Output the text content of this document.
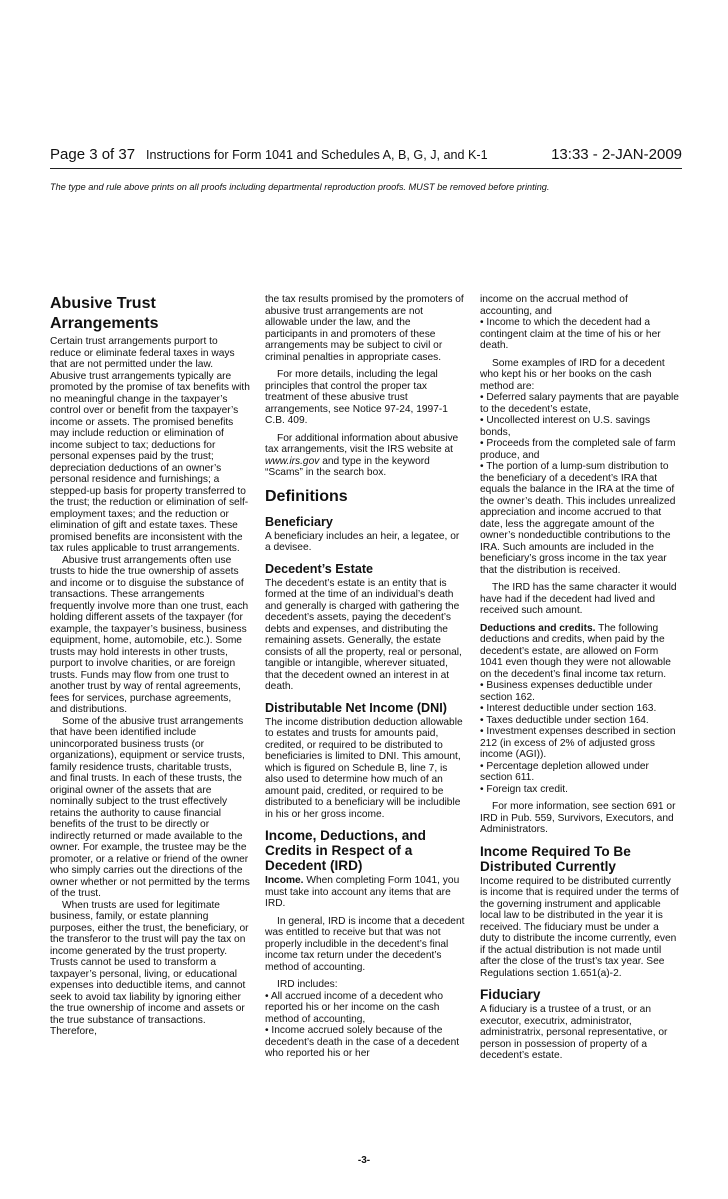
Page 3 of 37 Instructions for Form 1041 and Schedules A, B, G, J, and K-1	13:33 - 2-JAN-2009
The type and rule above prints on all proofs including departmental reproduction proofs. MUST be removed before printing.
Abusive Trust Arrangements

Certain trust arrangements purport to reduce or eliminate federal taxes in ways that are not permitted under the law. Abusive trust arrangements typically are promoted by the promise of tax benefits with no meaningful change in the taxpayer’s control over or benefit from the taxpayer’s income or assets. The promised benefits may include reduction or elimination of income subject to tax; deductions for personal expenses paid by the trust; depreciation deductions of an owner’s personal residence and furnishings; a stepped-up basis for property transferred to the trust; the reduction or elimination of self-employment taxes; and the reduction or elimination of gift and estate taxes. These promised benefits are inconsistent with the tax rules applicable to trust arrangements.

Abusive trust arrangements often use trusts to hide the true ownership of assets and income or to disguise the substance of transactions. These arrangements frequently involve more than one trust, each holding different assets of the taxpayer (for example, the taxpayer’s business, business equipment, home, automobile, etc.). Some trusts may hold interests in other trusts, purport to involve charities, or are foreign trusts. Funds may flow from one trust to another trust by way of rental agreements, fees for services, purchase agreements, and distributions.

Some of the abusive trust arrangements that have been identified include unincorporated business trusts (or organizations), equipment or service trusts, family residence trusts, charitable trusts, and final trusts. In each of these trusts, the original owner of the assets that are nominally subject to the trust effectively retains the authority to cause financial benefits of the trust to be directly or indirectly returned or made available to the owner. For example, the trustee may be the promoter, or a relative or friend of the owner who simply carries out the directions of the owner whether or not permitted by the terms of the trust.

When trusts are used for legitimate business, family, or estate planning purposes, either the trust, the beneficiary, or the transferor to the trust will pay the tax on income generated by the trust property. Trusts cannot be used to transform a taxpayer’s personal, living, or educational expenses into deductible items, and cannot seek to avoid tax liability by ignoring either the true ownership of income and assets or the true substance of transactions. Therefore,

the tax results promised by the promoters of abusive trust arrangements are not allowable under the law, and the participants in and promoters of these arrangements may be subject to civil or criminal penalties in appropriate cases.

For more details, including the legal principles that control the proper tax treatment of these abusive trust arrangements, see Notice 97-24, 1997-1 C.B. 409.

For additional information about abusive tax arrangements, visit the IRS website at www.irs.gov and type in the keyword “Scams” in the search box.

Definitions
Beneficiary

A beneficiary includes an heir, a legatee, or a devisee.

Decedent’s Estate

The decedent’s estate is an entity that is formed at the time of an individual’s death and generally is charged with gathering the decedent’s assets, paying the decedent’s debts and expenses, and distributing the remaining assets. Generally, the estate consists of all the property, real or personal, tangible or intangible, wherever situated, that the decedent owned an interest in at death.

Distributable Net Income (DNI)

The income distribution deduction allowable to estates and trusts for amounts paid, credited, or required to be distributed to beneficiaries is limited to DNI. This amount, which is figured on Schedule B, line 7, is also used to determine how much of an amount paid, credited, or required to be distributed to a beneficiary will be includible in his or her gross income.

Income, Deductions, and Credits in Respect of a Decedent (IRD)

Income. When completing Form 1041, you must take into account any items that are IRD.

In general, IRD is income that a decedent was entitled to receive but that was not properly includible in the decedent’s final income tax return under the decedent’s method of accounting.

IRD includes:

• All accrued income of a decedent who reported his or her income on the cash method of accounting,

• Income accrued solely because of the decedent’s death in the case of a decedent who reported his or her

income on the accrual method of accounting, and

• Income to which the decedent had a contingent claim at the time of his or her death.

Some examples of IRD for a decedent who kept his or her books on the cash method are:

• Deferred salary payments that are payable to the decedent’s estate,

• Uncollected interest on U.S. savings bonds,

• Proceeds from the completed sale of farm produce, and

• The portion of a lump-sum distribution to the beneficiary of a decedent’s IRA that equals the balance in the IRA at the time of the owner’s death. This includes unrealized appreciation and income accrued to that date, less the aggregate amount of the owner’s nondeductible contributions to the IRA. Such amounts are included in the beneficiary’s gross income in the tax year that the distribution is received.

The IRD has the same character it would have had if the decedent had lived and received such amount.

Deductions and credits. The following deductions and credits, when paid by the decedent’s estate, are allowed on Form 1041 even though they were not allowable on the decedent’s final income tax return.

• Business expenses deductible under section 162.

• Interest deductible under section 163.

• Taxes deductible under section 164.

• Investment expenses described in section 212 (in excess of 2% of adjusted gross income (AGI)).

• Percentage depletion allowed under section 611.

• Foreign tax credit.

For more information, see section 691 or IRD in Pub. 559, Survivors, Executors, and Administrators.

Income Required To Be Distributed Currently

Income required to be distributed currently is income that is required under the terms of the governing instrument and applicable local law to be distributed in the year it is received. The fiduciary must be under a duty to distribute the income currently, even if the actual distribution is not made until after the close of the trust’s tax year. See Regulations section 1.651(a)-2.

Fiduciary

A fiduciary is a trustee of a trust, or an executor, executrix, administrator, administratrix, personal representative, or person in possession of property of a decedent’s estate.

-3-
